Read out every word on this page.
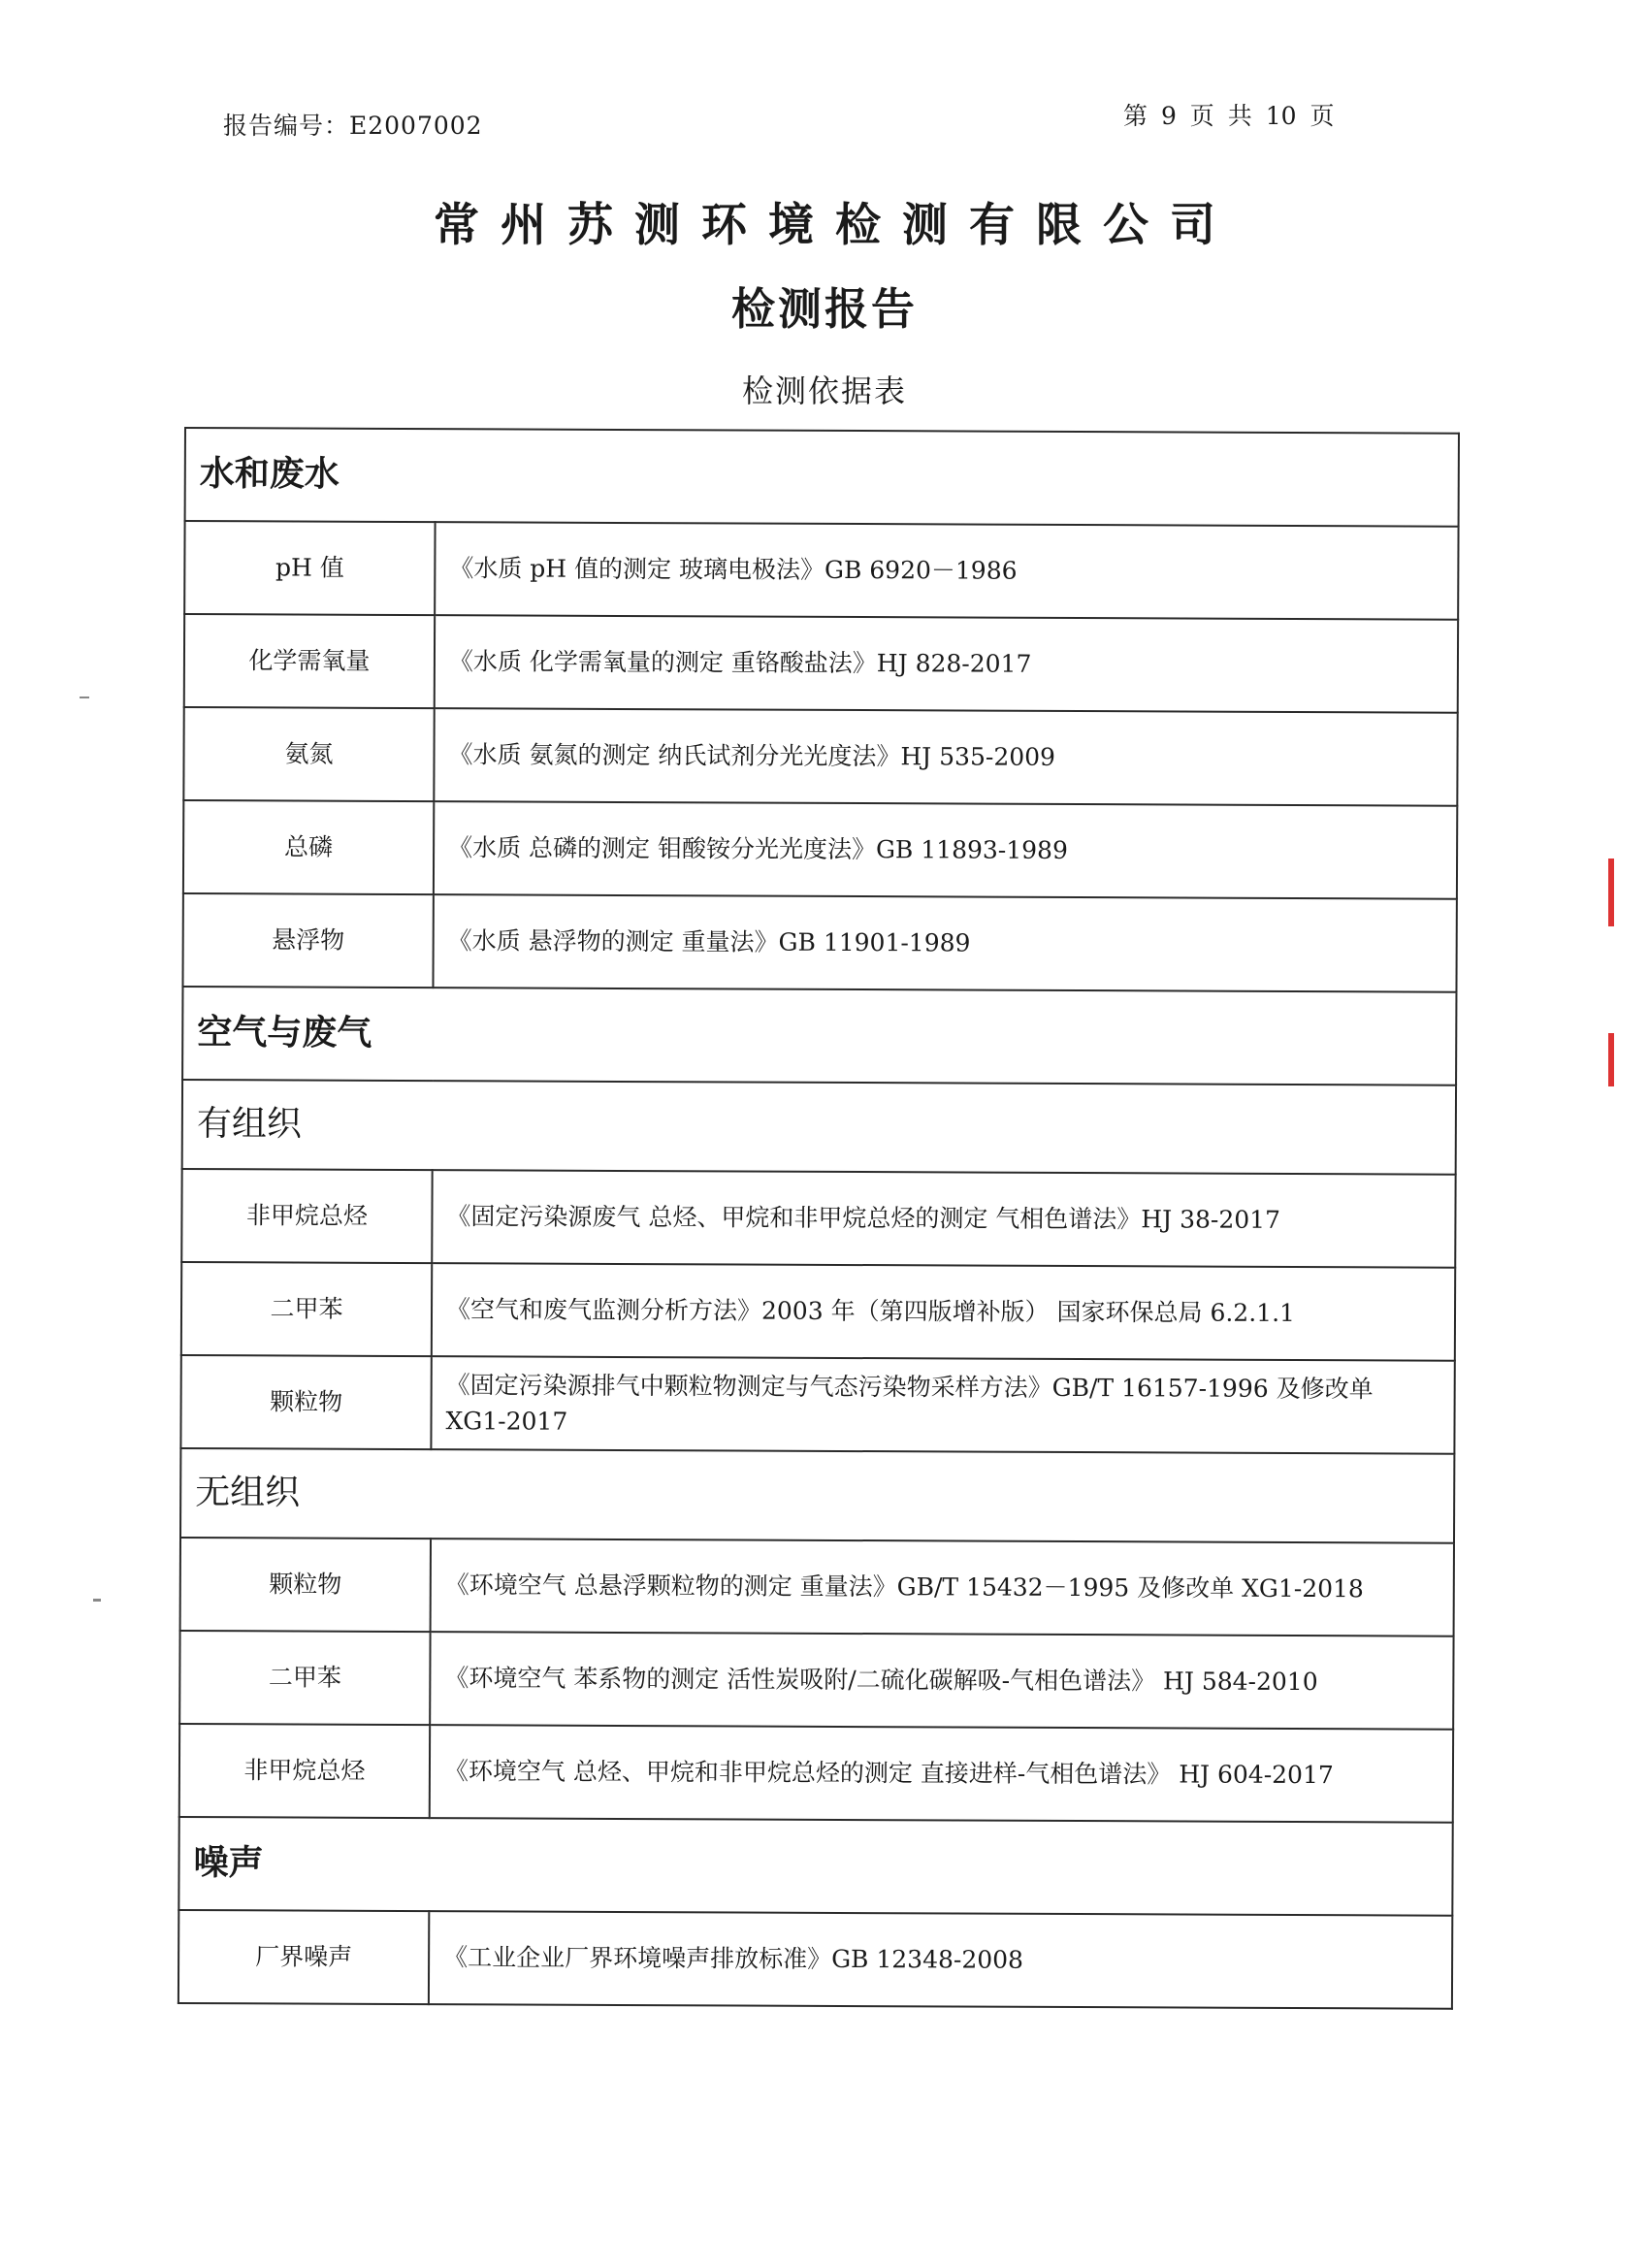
报告编号：E2007002	第 9 页 共 10 页
常州苏测环境检测有限公司
检测报告
检测依据表
水和废水	
pH 值	《水质 pH 值的测定 玻璃电极法》GB 6920－1986
化学需氧量	《水质 化学需氧量的测定 重铬酸盐法》HJ 828-2017
氨氮	《水质 氨氮的测定 纳氏试剂分光光度法》HJ 535-2009
总磷	《水质 总磷的测定 钼酸铵分光光度法》GB 11893-1989
悬浮物	《水质 悬浮物的测定 重量法》GB 11901-1989
空气与废气	
有组织	
非甲烷总烃	《固定污染源废气 总烃、甲烷和非甲烷总烃的测定 气相色谱法》HJ 38-2017
二甲苯	《空气和废气监测分析方法》2003 年（第四版增补版） 国家环保总局 6.2.1.1
颗粒物	《固定污染源排气中颗粒物测定与气态污染物采样方法》GB/T 16157-1996 及修改单 XG1-2017
无组织	
颗粒物	《环境空气 总悬浮颗粒物的测定 重量法》GB/T 15432－1995 及修改单 XG1-2018
二甲苯	《环境空气 苯系物的测定 活性炭吸附/二硫化碳解吸-气相色谱法》 HJ 584-2010
非甲烷总烃	《环境空气 总烃、甲烷和非甲烷总烃的测定 直接进样-气相色谱法》 HJ 604-2017
噪声	
厂界噪声	《工业企业厂界环境噪声排放标准》GB 12348-2008
